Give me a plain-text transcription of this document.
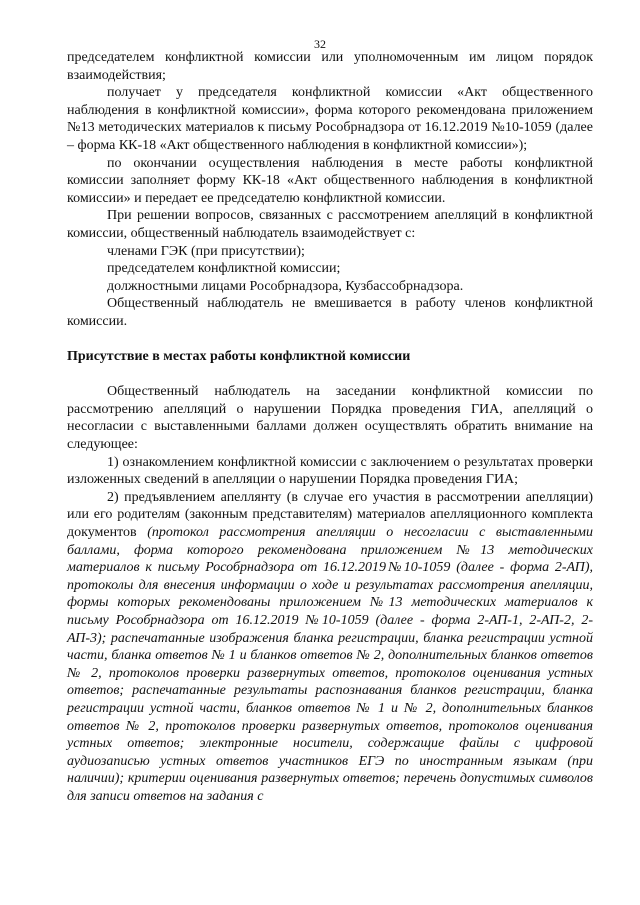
32

председателем конфликтной комиссии или уполномоченным им лицом порядок взаимодействия;

получает у председателя конфликтной комиссии «Акт общественного наблюдения в конфликтной комиссии», форма которого рекомендована приложением №13 методических материалов к письму Рособрнадзора от 16.12.2019 №10-1059 (далее – форма КК-18 «Акт общественного наблюдения в конфликтной комиссии»);

по окончании осуществления наблюдения в месте работы конфликтной комиссии заполняет форму КК-18 «Акт общественного наблюдения в конфликтной комиссии» и передает ее председателю конфликтной комиссии.

При решении вопросов, связанных с рассмотрением апелляций в конфликтной комиссии, общественный наблюдатель взаимодействует с:

членами ГЭК (при присутствии);

председателем конфликтной комиссии;

должностными лицами Рособрнадзора, Кузбассобрнадзора.

Общественный наблюдатель не вмешивается в работу членов конфликтной комиссии.

Присутствие в местах работы конфликтной комиссии

Общественный наблюдатель на заседании конфликтной комиссии по рассмотрению апелляций о нарушении Порядка проведения ГИА, апелляций о несогласии с выставленными баллами должен осуществлять обратить внимание на следующее:

1) ознакомлением конфликтной комиссии с заключением о результатах проверки изложенных сведений в апелляции о нарушении Порядка проведения ГИА;

2) предъявлением апеллянту (в случае его участия в рассмотрении апелляции) или его родителям (законным представителям) материалов апелляционного комплекта документов (протокол рассмотрения апелляции о несогласии с выставленными баллами, форма которого рекомендована приложением №13 методических материалов к письму Рособрнадзора от 16.12.2019№10-1059 (далее - форма 2-АП), протоколы для внесения информации о ходе и результатах рассмотрения апелляции, формы которых рекомендованы приложением №13 методических материалов к письму Рособрнадзора от 16.12.2019 №10-1059 (далее - форма 2-АП-1, 2-АП-2, 2-АП-3); распечатанные изображения бланка регистрации, бланка регистрации устной части, бланка ответов № 1 и бланков ответов № 2, дополнительных бланков ответов № 2, протоколов проверки развернутых ответов, протоколов оценивания устных ответов; распечатанные результаты распознавания бланков регистрации, бланка регистрации устной части, бланков ответов № 1 и № 2, дополнительных бланков ответов № 2, протоколов проверки развернутых ответов, протоколов оценивания устных ответов; электронные носители, содержащие файлы с цифровой аудиозаписью устных ответов участников ЕГЭ по иностранным языкам (при наличии); критерии оценивания развернутых ответов; перечень допустимых символов для записи ответов на задания с
